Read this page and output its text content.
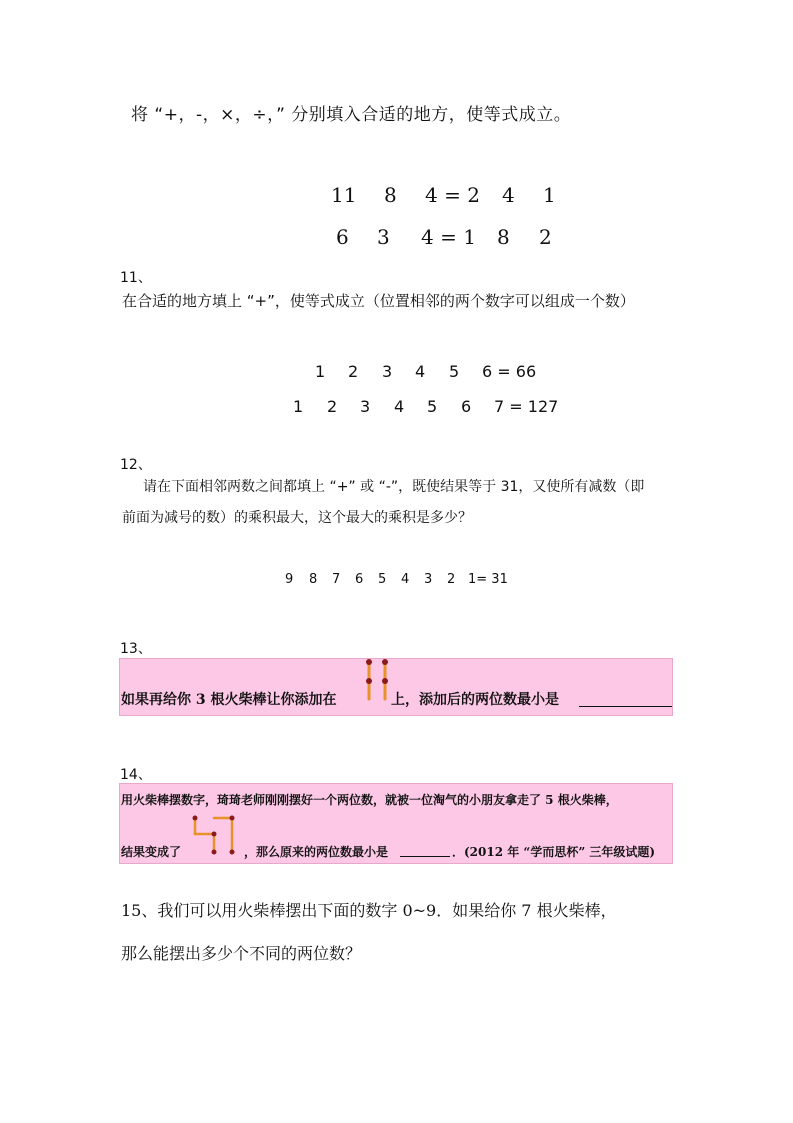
将 “+，-，×，÷，” 分别填入合适的地方，使等式成立。
11 8 4 = 2 4 1
6 3 4 = 1 8 2
11、
在合适的地方填上 “+”，使等式成立（位置相邻的两个数字可以组成一个数）
1 2 3 4 5 6 = 66
1 2 3 4 5 6 7 = 127
12、
请在下面相邻两数之间都填上 “+” 或 “-”，既使结果等于 31，又使所有减数（即
前面为减号的数）的乘积最大，这个最大的乘积是多少？
9 8 7 6 5 4 3 2 1= 31
13、
如果再给你 3 根火柴棒让你添加在	上，添加后的两位数最小是
14、
用火柴棒摆数字，琦琦老师刚刚摆好一个两位数，就被一位淘气的小朋友拿走了 5 根火柴棒，
结果变成了	，那么原来的两位数最小是	．(2012 年 “学而思杯” 三年级试题)
15、我们可以用火柴棒摆出下面的数字 0~9．如果给你 7 根火柴棒，
那么能摆出多少个不同的两位数？
